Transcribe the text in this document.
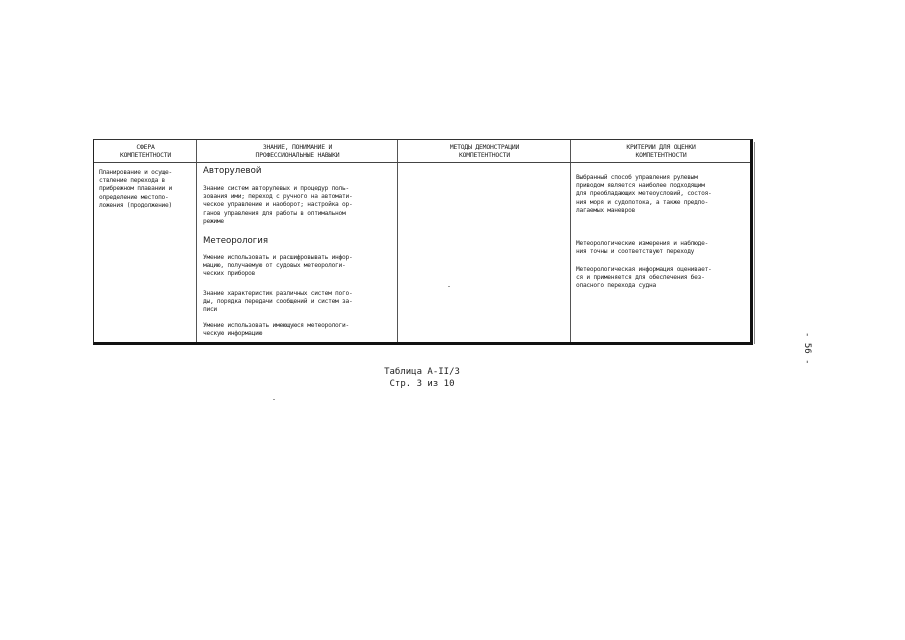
СФЕРА
КОМПЕТЕНТНОСТИ
ЗНАНИЕ, ПОНИМАНИЕ И
ПРОФЕССИОНАЛЬНЫЕ НАВЫКИ
МЕТОДЫ ДЕМОНСТРАЦИИ
КОМПЕТЕНТНОСТИ
КРИТЕРИИ ДЛЯ ОЦЕНКИ
КОМПЕТЕНТНОСТИ
Планирование и осуще-
ствление перехода в
прибрежном плавании и
определение местопо-
ложения (продолжение)
Авторулевой
Знание систем авторулевых и процедур поль-
зования ими; переход с ручного на автомати-
ческое управление и наоборот; настройка ор-
ганов управления для работы в оптимальном
режиме
Метеорология
Умение использовать и расшифровывать инфор-
мацию, получаемую от судовых метеорологи-
ческих приборов
Знание характеристик различных систем пого-
ды, порядка передачи сообщений и систем за-
писи
Умение использовать имеющуюся метеорологи-
ческую информацию
Выбранный способ управления рулевым
приводом является наиболее подходящим
для преобладающих метеоусловий, состоя-
ния моря и судопотока, а также предпо-
лагаемых маневров
Метеорологические измерения и наблюде-
ния точны и соответствуют переходу
Метеорологическая информация оценивает-
ся и применяется для обеспечения без-
опасного перехода судна
Таблица А-II/3
Стр. 3 из 10
- 56 -
